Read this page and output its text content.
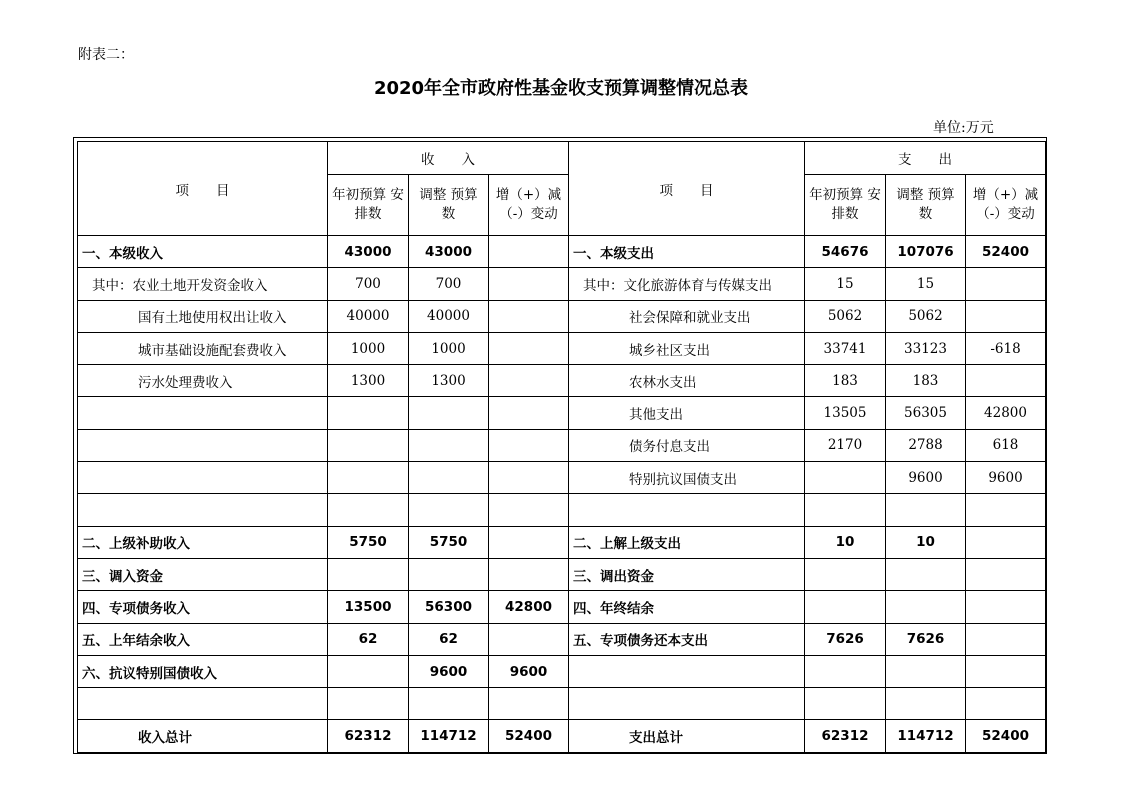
附表二：
2020年全市政府性基金收支预算调整情况总表
单位:万元
项　　目	收　　入			项　　目	支　　出		
	年初预算 安排数	调整 预算数	增（+）减 （-）变动		年初预算 安排数	调整 预算数	增（+）减 （-）变动
一、本级收入	43000	43000		一、本级支出	54676	107076	52400
其中：农业土地开发资金收入	700	700		其中：文化旅游体育与传媒支出	15	15	
国有土地使用权出让收入	40000	40000		社会保障和就业支出	5062	5062	
城市基础设施配套费收入	1000	1000		城乡社区支出	33741	33123	-618
污水处理费收入	1300	1300		农林水支出	183	183	
				其他支出	13505	56305	42800
				债务付息支出	2170	2788	618
				特别抗议国债支出		9600	9600

二、上级补助收入	5750	5750		二、上解上级支出	10	10	
三、调入资金				三、调出资金			
四、专项债务收入	13500	56300	42800	四、年终结余			
五、上年结余收入	62	62		五、专项债务还本支出	7626	7626	
六、抗议特别国债收入		9600	9600				

收入总计	62312	114712	52400	支出总计	62312	114712	52400
